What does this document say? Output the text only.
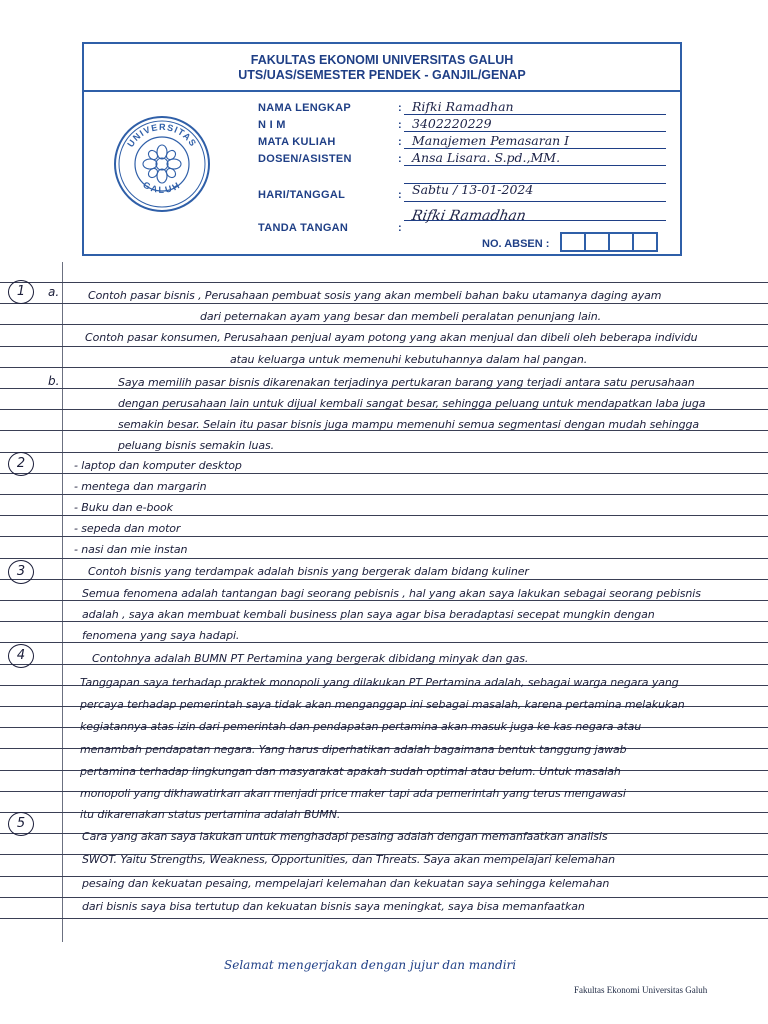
FAKULTAS EKONOMI UNIVERSITAS GALUH
UTS/UAS/SEMESTER PENDEK - GANJIL/GENAP
UNIVERSITAS
GALUH
NAMA LENGKAP
N I M
MATA KULIAH
DOSEN/ASISTEN
HARI/TANGGAL
TANDA TANGAN
:
:
:
:
:
:
Rifki Ramadhan
3402220229
Manajemen Pemasaran I
Ansa Lisara. S.pd.,MM.
Sabtu / 13-01-2024
Rifki Ramadhan
NO. ABSEN :
1
2
3
4
5
a.
b.
Contoh pasar bisnis , Perusahaan pembuat sosis yang akan membeli bahan baku utamanya daging ayam
dari peternakan ayam yang besar dan membeli peralatan penunjang lain.
Contoh pasar konsumen, Perusahaan penjual ayam potong yang akan menjual dan dibeli oleh beberapa individu
atau keluarga untuk memenuhi kebutuhannya dalam hal pangan.
Saya memilih pasar bisnis dikarenakan terjadinya pertukaran barang yang terjadi antara satu perusahaan
dengan perusahaan lain untuk dijual kembali sangat besar, sehingga peluang untuk mendapatkan laba juga
semakin besar. Selain itu pasar bisnis juga mampu memenuhi semua segmentasi dengan mudah sehingga
peluang bisnis semakin luas.
- laptop dan komputer desktop
- mentega dan margarin
- Buku dan e-book
- sepeda dan motor
- nasi dan mie instan
Contoh bisnis yang terdampak adalah bisnis yang bergerak dalam bidang kuliner
Semua fenomena adalah tantangan bagi seorang pebisnis , hal yang akan saya lakukan sebagai seorang pebisnis
adalah , saya akan membuat kembali business plan saya agar bisa beradaptasi secepat mungkin dengan
fenomena yang saya hadapi.
Contohnya adalah BUMN PT Pertamina yang bergerak dibidang minyak dan gas.
Tanggapan saya terhadap praktek monopoli yang dilakukan PT Pertamina adalah, sebagai warga negara yang
percaya terhadap pemerintah saya tidak akan menganggap ini sebagai masalah, karena pertamina melakukan
kegiatannya atas izin dari pemerintah dan pendapatan pertamina akan masuk juga ke kas negara atau
menambah pendapatan negara. Yang harus diperhatikan adalah bagaimana bentuk tanggung jawab
pertamina terhadap lingkungan dan masyarakat apakah sudah optimal atau belum. Untuk masalah
monopoli yang dikhawatirkan akan menjadi price maker tapi ada pemerintah yang terus mengawasi
itu dikarenakan status pertamina adalah BUMN.
Cara yang akan saya lakukan untuk menghadapi pesaing adalah dengan memanfaatkan analisis
SWOT. Yaitu Strengths, Weakness, Opportunities, dan Threats. Saya akan mempelajari kelemahan
pesaing dan kekuatan pesaing, mempelajari kelemahan dan kekuatan saya sehingga kelemahan
dari bisnis saya bisa tertutup dan kekuatan bisnis saya meningkat, saya bisa memanfaatkan
Selamat mengerjakan dengan jujur dan mandiri
Fakultas Ekonomi Universitas Galuh
